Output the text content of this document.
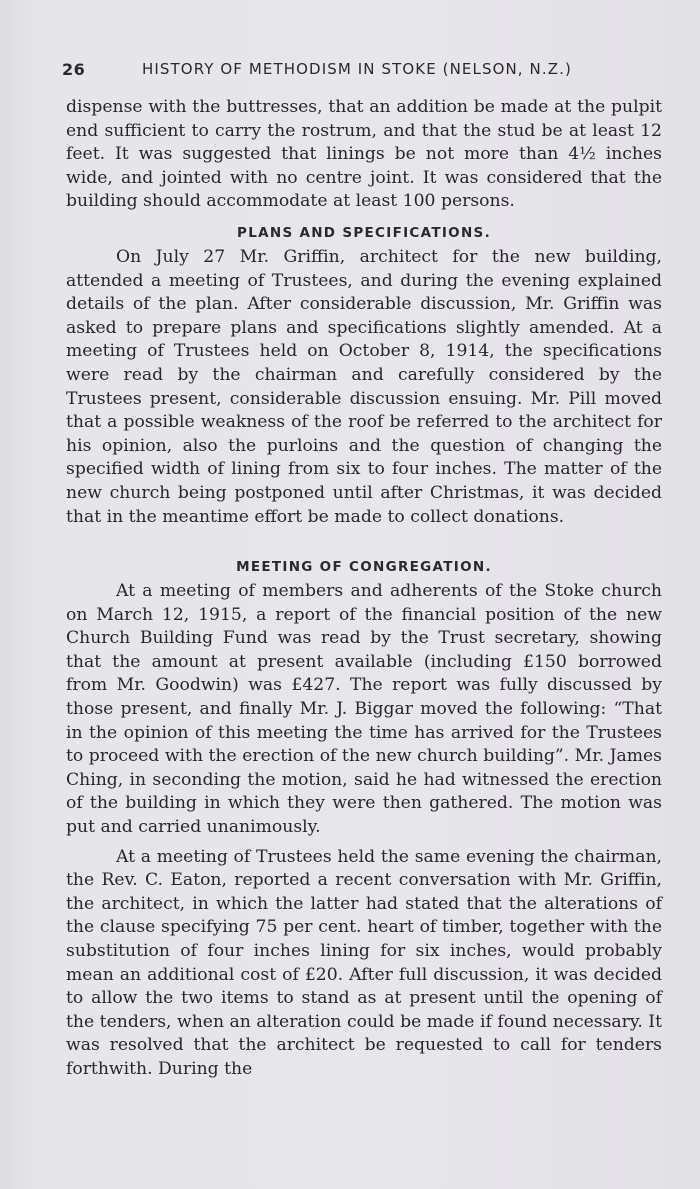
26	HISTORY OF METHODISM IN STOKE (NELSON, N.Z.)

dispense with the buttresses, that an addition be made at the pulpit end sufficient to carry the rostrum, and that the stud be at least 12 feet. It was suggested that linings be not more than 4½ inches wide, and jointed with no centre joint. It was considered that the building should accommodate at least 100 persons.

PLANS AND SPECIFICATIONS.

On July 27 Mr. Griffin, architect for the new building, attended a meeting of Trustees, and during the evening explained details of the plan. After considerable discussion, Mr. Griffin was asked to prepare plans and specifications slightly amended. At a meeting of Trustees held on October 8, 1914, the specifications were read by the chairman and carefully considered by the Trustees present, considerable discussion ensuing. Mr. Pill moved that a possible weakness of the roof be referred to the architect for his opinion, also the purloins and the question of changing the specified width of lining from six to four inches. The matter of the new church being postponed until after Christmas, it was decided that in the meantime effort be made to collect donations.

MEETING OF CONGREGATION.

At a meeting of members and adherents of the Stoke church on March 12, 1915, a report of the financial position of the new Church Building Fund was read by the Trust secretary, showing that the amount at present available (including £150 borrowed from Mr. Goodwin) was £427. The report was fully discussed by those present, and finally Mr. J. Biggar moved the following: “That in the opinion of this meeting the time has arrived for the Trustees to proceed with the erection of the new church building”. Mr. James Ching, in seconding the motion, said he had witnessed the erection of the building in which they were then gathered. The motion was put and carried unanimously.

At a meeting of Trustees held the same evening the chairman, the Rev. C. Eaton, reported a recent conversation with Mr. Griffin, the architect, in which the latter had stated that the alterations of the clause specifying 75 per cent. heart of timber, together with the substitution of four inches lining for six inches, would probably mean an additional cost of £20. After full discussion, it was decided to allow the two items to stand as at present until the opening of the tenders, when an alteration could be made if found necessary. It was resolved that the architect be requested to call for tenders forthwith. During the
